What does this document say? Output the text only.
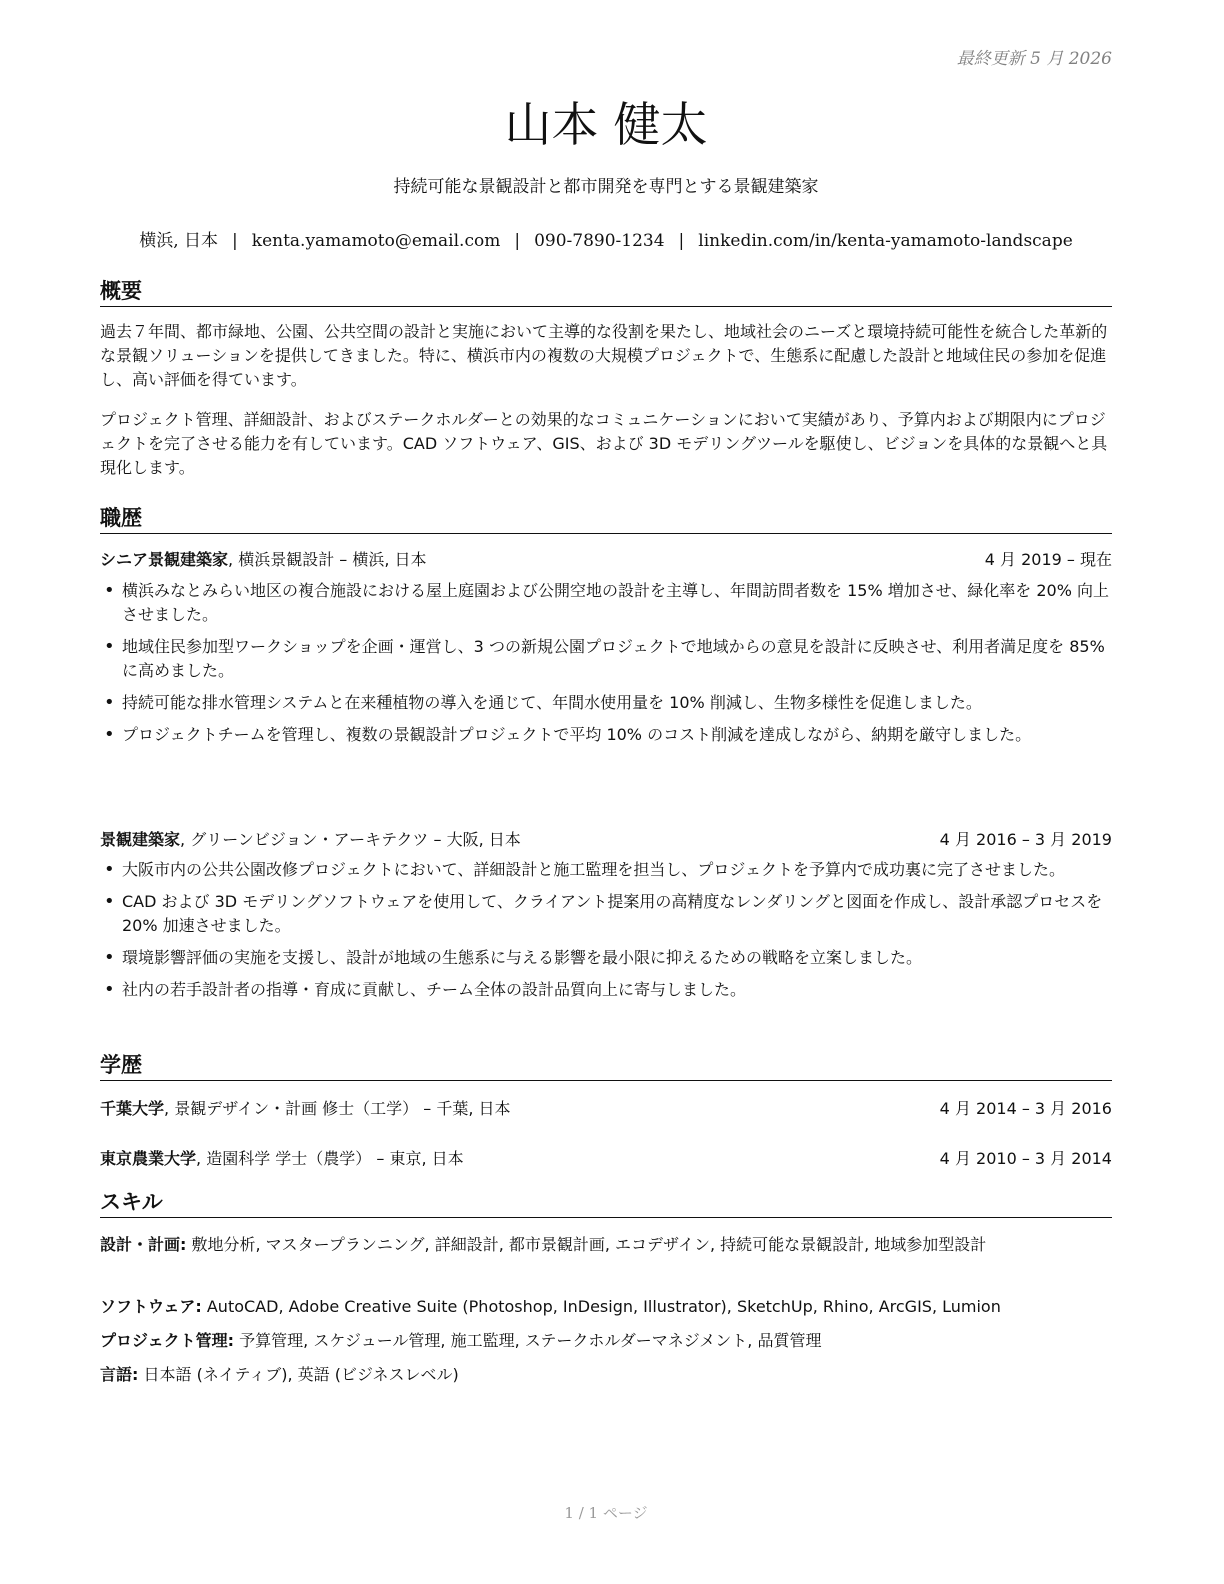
最終更新 5 月 2026
山本 健太
持続可能な景観設計と都市開発を専門とする景観建築家
横浜, 日本 | kenta.yamamoto@email.com | 090-7890-1234 | linkedin.com/in/kenta-yamamoto-landscape
概要

過去７年間、都市緑地、公園、公共空間の設計と実施において主導的な役割を果たし、地域社会のニーズと環境持続可能性を統合した革新的な景観ソリューションを提供してきました。特に、横浜市内の複数の大規模プロジェクトで、生態系に配慮した設計と地域住民の参加を促進し、高い評価を得ています。

プロジェクト管理、詳細設計、およびステークホルダーとの効果的なコミュニケーションにおいて実績があり、予算内および期限内にプロジェクトを完了させる能力を有しています。CAD ソフトウェア、GIS、および 3D モデリングツールを駆使し、ビジョンを具体的な景観へと具現化します。

職歴
シニア景観建築家, 横浜景観設計 – 横浜, 日本	4 月 2019 – 現在
• 横浜みなとみらい地区の複合施設における屋上庭園および公開空地の設計を主導し、年間訪問者数を 15% 増加させ、緑化率を 20% 向上させました。
• 地域住民参加型ワークショップを企画・運営し、3 つの新規公園プロジェクトで地域からの意見を設計に反映させ、利用者満足度を 85% に高めました。
• 持続可能な排水管理システムと在来種植物の導入を通じて、年間水使用量を 10% 削減し、生物多様性を促進しました。
• プロジェクトチームを管理し、複数の景観設計プロジェクトで平均 10% のコスト削減を達成しながら、納期を厳守しました。
景観建築家, グリーンビジョン・アーキテクツ – 大阪, 日本	4 月 2016 – 3 月 2019
• 大阪市内の公共公園改修プロジェクトにおいて、詳細設計と施工監理を担当し、プロジェクトを予算内で成功裏に完了させました。
• CAD および 3D モデリングソフトウェアを使用して、クライアント提案用の高精度なレンダリングと図面を作成し、設計承認プロセスを 20% 加速させました。
• 環境影響評価の実施を支援し、設計が地域の生態系に与える影響を最小限に抑えるための戦略を立案しました。
• 社内の若手設計者の指導・育成に貢献し、チーム全体の設計品質向上に寄与しました。
学歴
千葉大学, 景観デザイン・計画 修士（工学） – 千葉, 日本	4 月 2014 – 3 月 2016
東京農業大学, 造園科学 学士（農学） – 東京, 日本	4 月 2010 – 3 月 2014
スキル

設計・計画: 敷地分析, マスタープランニング, 詳細設計, 都市景観計画, エコデザイン, 持続可能な景観設計, 地域参加型設計

ソフトウェア: AutoCAD, Adobe Creative Suite (Photoshop, InDesign, Illustrator), SketchUp, Rhino, ArcGIS, Lumion

プロジェクト管理: 予算管理, スケジュール管理, 施工監理, ステークホルダーマネジメント, 品質管理

言語: 日本語 (ネイティブ), 英語 (ビジネスレベル)

1 / 1 ページ
